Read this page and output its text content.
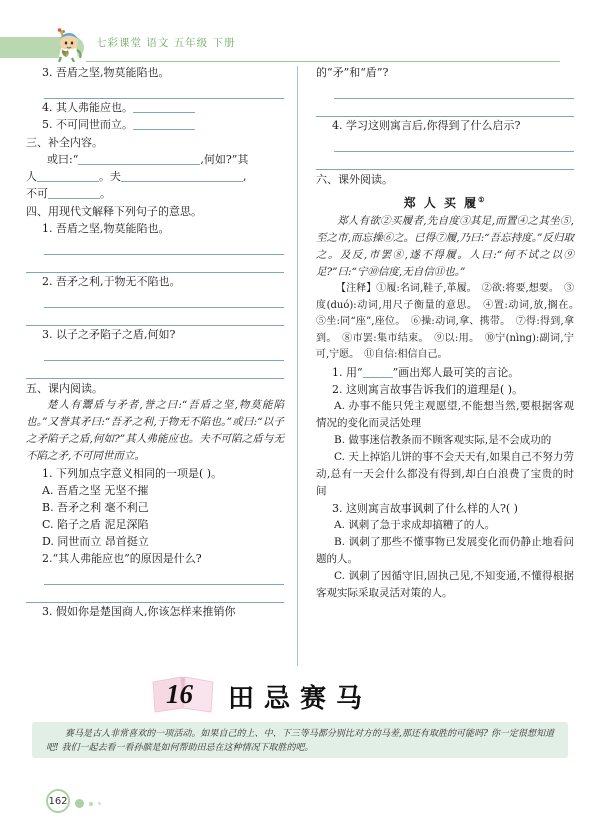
七彩课堂 语文 五年级 下册
3. 吾盾之坚,物莫能陷也。
4. 其人弗能应也。
5. 不可同世而立。
三、补全内容。
或曰:“	,何如?”其
人	。夫	,
不可	。
四、用现代文解释下列句子的意思。
1. 吾盾之坚,物莫能陷也。
2. 吾矛之利,于物无不陷也。
3. 以子之矛陷子之盾,何如?
五、课内阅读。
楚人有鬻盾与矛者,誉之曰:“吾盾之坚,物莫能陷也。”又誉其矛曰:“吾矛之利,于物无不陷也。”或曰:“以子之矛陷子之盾,何如?”其人弗能应也。夫不可陷之盾与无不陷之矛,不可同世而立。
1. 下列加点字意义相同的一项是( )。
A. 吾盾之坚 无坚不摧
B. 吾矛之利 毫不利己
C. 陷子之盾 泥足深陷
D. 同世而立 昂首挺立
2.“其人弗能应也”的原因是什么?
3. 假如你是楚国商人,你该怎样来推销你
的“矛”和“盾”?
4. 学习这则寓言后,你得到了什么启示?
六、课外阅读。
郑 人 买 履①
郑人有欲②买履者,先自度③其足,而置④之其坐⑤,至之市,而忘操⑥之。已得⑦履,乃曰:“吾忘持度。”反归取之。及反,市罢⑧,遂不得履。人曰:“何不试之以⑨足?”曰:“宁⑩信度,无自信⑪也。”
【注释】①履:名词,鞋子,革履。　②欲:将要,想要。　③度(duó):动词,用尺子衡量的意思。　④置:动词,放,搁在。　⑤坐:同“座”,座位。　⑥操:动词,拿、携带。　⑦得:得到,拿到。　⑧市罢:集市结束。　⑨以:用。　⑩宁(nìng):副词,宁可,宁愿。　⑪自信:相信自己。
1. 用“	”画出郑人最可笑的言论。
2. 这则寓言故事告诉我们的道理是( )。
A. 办事不能只凭主观愿望,不能想当然,要根据客观情况的变化而灵活处理
B. 做事迷信教条而不顾客观实际,是不会成功的
C. 天上掉馅儿饼的事不会天天有,如果自己不努力劳动,总有一天会什么都没有得到,却白白浪费了宝贵的时间
3. 这则寓言故事讽刺了什么样的人?( )
A. 讽刺了急于求成却搞糟了的人。
B. 讽刺了那些不懂事物已发展变化而仍静止地看问题的人。
C. 讽刺了因循守旧,固执己见,不知变通,不懂得根据客观实际采取灵活对策的人。
16 田忌赛马
赛马是古人非常喜欢的一项活动。如果自己的上、中、下三等马都分别比对方的马差,那还有取胜的可能吗? 你一定很想知道吧! 我们一起去看一看孙膑是如何帮助田忌在这种情况下取胜的吧。
162
